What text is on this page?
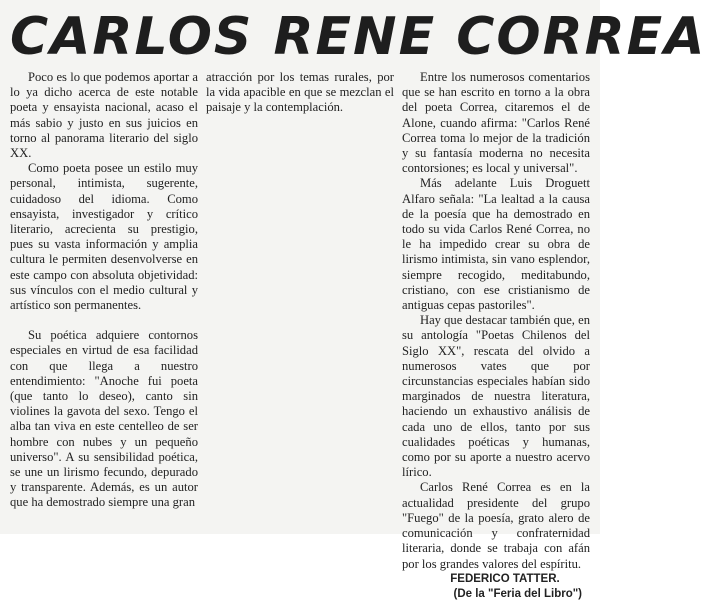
CARLOS RENE CORREA

Poco es lo que podemos aportar a lo ya dicho acerca de este notable poeta y ensayista nacional, acaso el más sabio y justo en sus juicios en torno al panorama literario del siglo XX.

Como poeta posee un estilo muy personal, intimista, sugerente, cuidadoso del idioma. Como ensayista, investigador y crítico literario, acrecienta su prestigio, pues su vasta información y amplia cultura le permiten desenvolverse en este campo con absoluta objetividad: sus vínculos con el medio cultural y artístico son permanentes.

Su poética adquiere contornos especiales en virtud de esa facilidad con que llega a nuestro entendimiento: "Anoche fui poeta (que tanto lo deseo), canto sin violines la gavota del sexo. Tengo el alba tan viva en este centelleo de ser hombre con nubes y un pequeño universo". A su sensibilidad poética, se une un lirismo fecundo, depurado y transparente. Además, es un autor que ha demostrado siempre una gran

atracción por los temas rurales, por la vida apacible en que se mezclan el paisaje y la contemplación.

Entre los numerosos comentarios que se han escrito en torno a la obra del poeta Correa, citaremos el de Alone, cuando afirma: "Carlos René Correa toma lo mejor de la tradición y su fantasía moderna no necesita contorsiones; es local y universal".

Más adelante Luis Droguett Alfaro señala: "La lealtad a la causa de la poesía que ha demostrado en todo su vida Carlos René Correa, no le ha impedido crear su obra de lirismo intimista, sin vano esplendor, siempre recogido, meditabundo, cristiano, con ese cristianismo de antiguas cepas pastoriles".

Hay que destacar también que, en su antología "Poetas Chilenos del Siglo XX", rescata del olvido a numerosos vates que por circunstancias especiales habían sido marginados de nuestra literatura, haciendo un exhaustivo análisis de cada uno de ellos, tanto por sus cualidades poéticas y humanas, como por su aporte a nuestro acervo lírico.

Carlos René Correa es en la actualidad presidente del grupo "Fuego" de la poesía, grato alero de comunicación y confraternidad literaria, donde se trabaja con afán por los grandes valores del espíritu.

FEDERICO TATTER.

(De la "Feria del Libro")
